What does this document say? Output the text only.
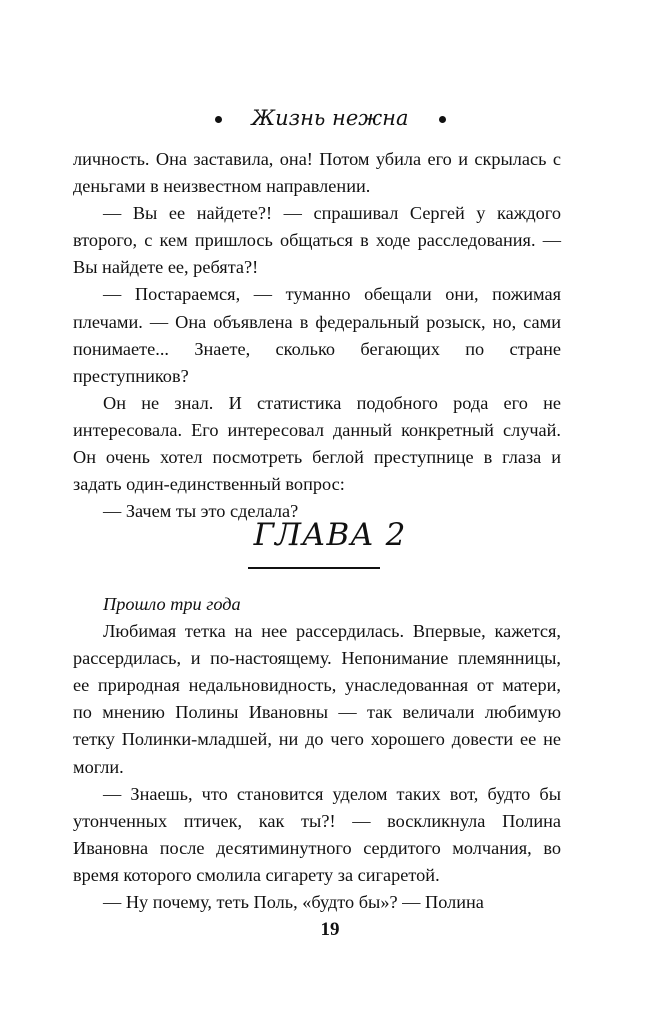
Жизнь нежна

личность. Она заставила, она! Потом убила его и скрылась с деньгами в неизвестном направлении.

— Вы ее найдете?! — спрашивал Сергей у каждого второго, с кем пришлось общаться в ходе расследования. — Вы найдете ее, ребята?!

— Постараемся, — туманно обещали они, пожимая плечами. — Она объявлена в федеральный розыск, но, сами понимаете... Знаете, сколько бегающих по стране преступников?

Он не знал. И статистика подобного рода его не интересовала. Его интересовал данный конкретный случай. Он очень хотел посмотреть беглой преступнице в глаза и задать один-единственный вопрос:

— Зачем ты это сделала?

ГЛАВА 2

Прошло три года

Любимая тетка на нее рассердилась. Впервые, кажется, рассердилась, и по-настоящему. Непонимание племянницы, ее природная недальновидность, унаследованная от матери, по мнению Полины Ивановны — так величали любимую тетку Полинки-младшей, ни до чего хорошего довести ее не могли.

— Знаешь, что становится уделом таких вот, будто бы утонченных птичек, как ты?! — воскликнула Полина Ивановна после десятиминутного сердитого молчания, во время которого смолила сигарету за сигаретой.

— Ну почему, теть Поль, «будто бы»? — Полина

19
